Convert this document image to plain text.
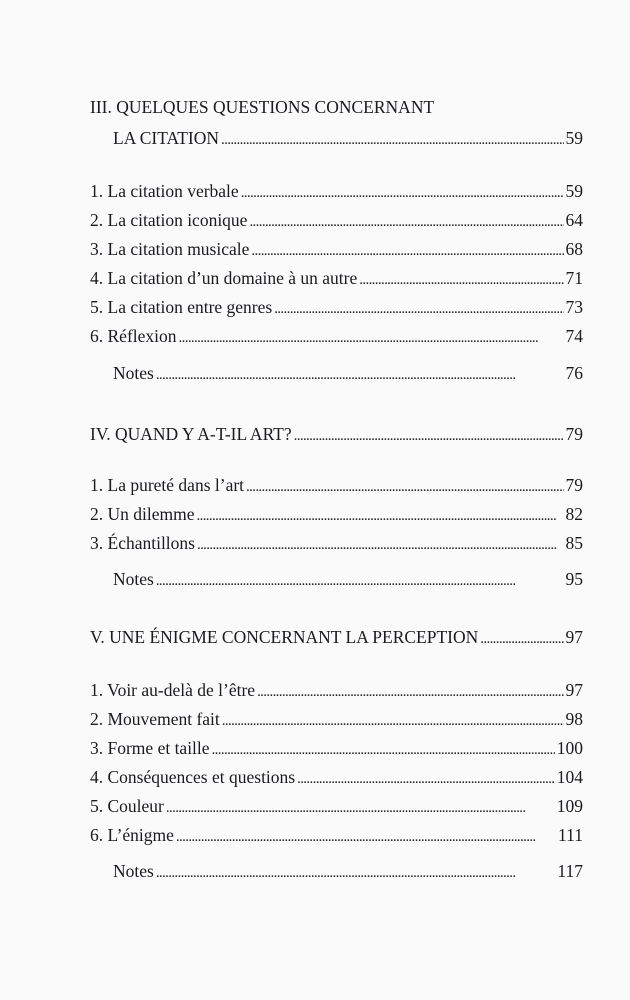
III. QUELQUES QUESTIONS CONCERNANT
LA CITATION . . .	59
1. La citation verbale . . .	59
2. La citation iconique . . .	64
3. La citation musicale . . .	68
4. La citation d’un domaine à un autre . . .	71
5. La citation entre genres . . .	73
6. Réflexion . . .	74
Notes . . .	76
IV. QUAND Y A-T-IL ART? . . .	79
1. La pureté dans l’art . . .	79
2. Un dilemme . . .	82
3. Échantillons . . .	85
Notes . . .	95
V. UNE ÉNIGME CONCERNANT LA PERCEPTION . . .	97
1. Voir au-delà de l’être . . .	97
2. Mouvement fait . . .	98
3. Forme et taille . . .	100
4. Conséquences et questions . . .	104
5. Couleur . . .	109
6. L’énigme . . .	111
Notes . . .	117
